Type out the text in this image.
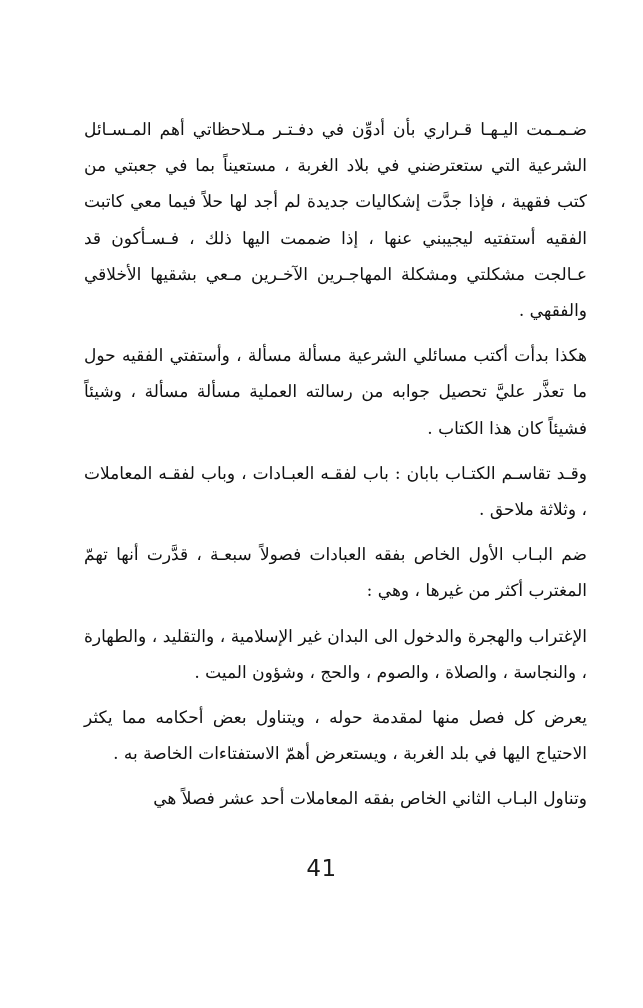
ضـمـمت اليـهـا قـراري بأن أدوِّن في دفـتـر مـلاحظاتي أهم المـسـائل الشرعية التي ستعترضني في بلاد الغربة ، مستعيناً بما في جعبتي من كتب فقهية ، فإذا جدَّت إشكاليات جديدة لم أجد لها حلاً فيما معي كاتبت الفقيه أستفتيه ليجيبني عنها ، إذا ضممت اليها ذلك ، فـسـأكون قد عـالجت مشكلتي ومشكلة المهاجـرين الآخـرين مـعي بشقيها الأخلاقي والفقهي .

هكذا بدأت أكتب مسائلي الشرعية مسألة مسألة ، وأستفتي الفقيه حول ما تعذَّر عليَّ تحصيل جوابه من رسالته العملية مسألة مسألة ، وشيئاً فشيئاً كان هذا الكتاب .

وقـد تقاسـم الكتـاب بابان : باب لفقـه العبـادات ، وباب لفقـه المعاملات ، وثلاثة ملاحق .

ضم البـاب الأول الخاص بفقه العبادات فصولاً سبعـة ، قدَّرت أنها تهمّ المغترب أكثر من غيرها ، وهي :

الإغتراب والهجرة والدخول الى البدان غير الإسلامية ، والتقليد ، والطهارة ، والنجاسة ، والصلاة ، والصوم ، والحج ، وشؤون الميت .

يعرض كل فصل منها لمقدمة حوله ، ويتناول بعض أحكامه مما يكثر الاحتياج اليها في بلد الغربة ، ويستعرض أهمّ الاستفتاءات الخاصة به .

وتناول البـاب الثاني الخاص بفقه المعاملات أحد عشر فصلاً هي

41
